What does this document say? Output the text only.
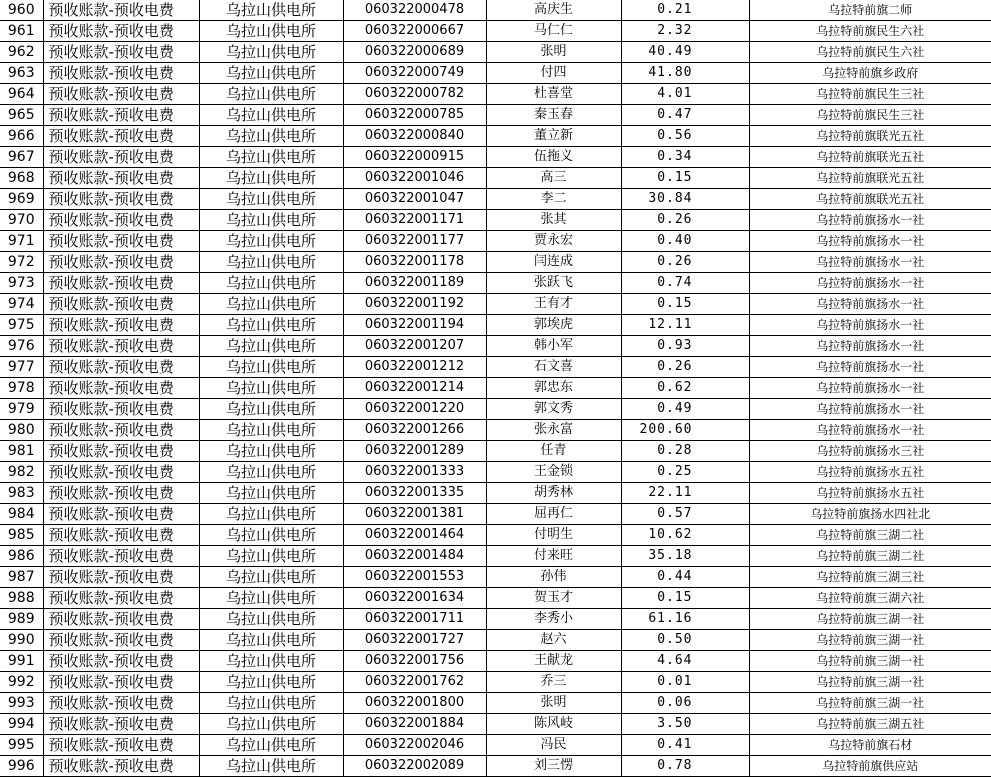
960	预收账款-预收电费	乌拉山供电所	060322000478	高庆生	0.21	乌拉特前旗二师
961	预收账款-预收电费	乌拉山供电所	060322000667	马仁仁	2.32	乌拉特前旗民生六社
962	预收账款-预收电费	乌拉山供电所	060322000689	张明	40.49	乌拉特前旗民生六社
963	预收账款-预收电费	乌拉山供电所	060322000749	付四	41.80	乌拉特前旗乡政府
964	预收账款-预收电费	乌拉山供电所	060322000782	杜喜堂	4.01	乌拉特前旗民生三社
965	预收账款-预收电费	乌拉山供电所	060322000785	秦玉春	0.47	乌拉特前旗民生三社
966	预收账款-预收电费	乌拉山供电所	060322000840	董立新	0.56	乌拉特前旗联光五社
967	预收账款-预收电费	乌拉山供电所	060322000915	伍拖义	0.34	乌拉特前旗联光五社
968	预收账款-预收电费	乌拉山供电所	060322001046	高三	0.15	乌拉特前旗联光五社
969	预收账款-预收电费	乌拉山供电所	060322001047	李二	30.84	乌拉特前旗联光五社
970	预收账款-预收电费	乌拉山供电所	060322001171	张其	0.26	乌拉特前旗扬水一社
971	预收账款-预收电费	乌拉山供电所	060322001177	贾永宏	0.40	乌拉特前旗扬水一社
972	预收账款-预收电费	乌拉山供电所	060322001178	闫连成	0.26	乌拉特前旗扬水一社
973	预收账款-预收电费	乌拉山供电所	060322001189	张跃飞	0.74	乌拉特前旗扬水一社
974	预收账款-预收电费	乌拉山供电所	060322001192	王有才	0.15	乌拉特前旗扬水一社
975	预收账款-预收电费	乌拉山供电所	060322001194	郭埃虎	12.11	乌拉特前旗扬水一社
976	预收账款-预收电费	乌拉山供电所	060322001207	韩小军	0.93	乌拉特前旗扬水一社
977	预收账款-预收电费	乌拉山供电所	060322001212	石文喜	0.26	乌拉特前旗扬水一社
978	预收账款-预收电费	乌拉山供电所	060322001214	郭忠东	0.62	乌拉特前旗扬水一社
979	预收账款-预收电费	乌拉山供电所	060322001220	郭文秀	0.49	乌拉特前旗扬水一社
980	预收账款-预收电费	乌拉山供电所	060322001266	张永富	200.60	乌拉特前旗扬水一社
981	预收账款-预收电费	乌拉山供电所	060322001289	任青	0.28	乌拉特前旗扬水三社
982	预收账款-预收电费	乌拉山供电所	060322001333	王金锁	0.25	乌拉特前旗扬水五社
983	预收账款-预收电费	乌拉山供电所	060322001335	胡秀林	22.11	乌拉特前旗扬水五社
984	预收账款-预收电费	乌拉山供电所	060322001381	屈再仁	0.57	乌拉特前旗扬水四社北
985	预收账款-预收电费	乌拉山供电所	060322001464	付明生	10.62	乌拉特前旗三湖二社
986	预收账款-预收电费	乌拉山供电所	060322001484	付来旺	35.18	乌拉特前旗三湖二社
987	预收账款-预收电费	乌拉山供电所	060322001553	孙伟	0.44	乌拉特前旗三湖三社
988	预收账款-预收电费	乌拉山供电所	060322001634	贺玉才	0.15	乌拉特前旗三湖六社
989	预收账款-预收电费	乌拉山供电所	060322001711	李秀小	61.16	乌拉特前旗三湖一社
990	预收账款-预收电费	乌拉山供电所	060322001727	赵六	0.50	乌拉特前旗三湖一社
991	预收账款-预收电费	乌拉山供电所	060322001756	王献龙	4.64	乌拉特前旗三湖一社
992	预收账款-预收电费	乌拉山供电所	060322001762	乔三	0.01	乌拉特前旗三湖一社
993	预收账款-预收电费	乌拉山供电所	060322001800	张明	0.06	乌拉特前旗三湖一社
994	预收账款-预收电费	乌拉山供电所	060322001884	陈风岐	3.50	乌拉特前旗三湖五社
995	预收账款-预收电费	乌拉山供电所	060322002046	冯民	0.41	乌拉特前旗石材
996	预收账款-预收电费	乌拉山供电所	060322002089	刘三愣	0.78	乌拉特前旗供应站
